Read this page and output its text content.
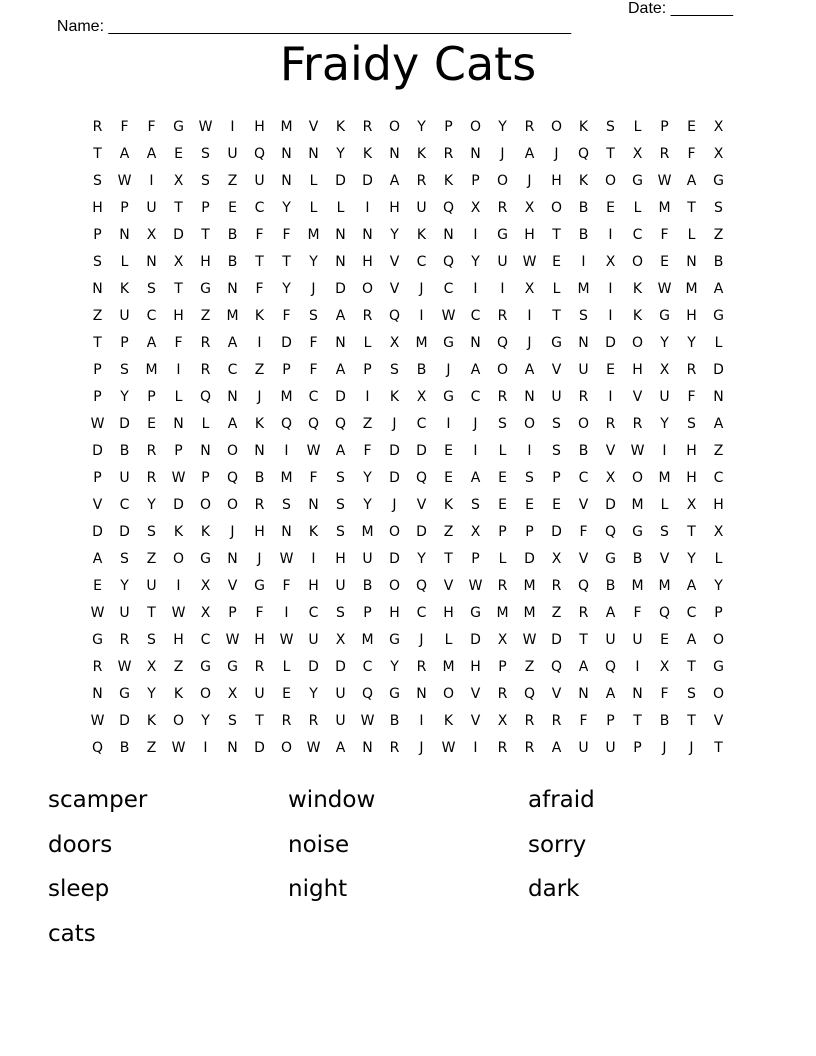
Name: ____________________________________________________

Date: _______

Fraidy Cats
R	F	F	G	W	I	H	M	V	K	R	O	Y	P	O	Y	R	O	K	S	L	P	E	X
T	A	A	E	S	U	Q	N	N	Y	K	N	K	R	N	J	A	J	Q	T	X	R	F	X
S	W	I	X	S	Z	U	N	L	D	D	A	R	K	P	O	J	H	K	O	G	W	A	G
H	P	U	T	P	E	C	Y	L	L	I	H	U	Q	X	R	X	O	B	E	L	M	T	S
P	N	X	D	T	B	F	F	M	N	N	Y	K	N	I	G	H	T	B	I	C	F	L	Z
S	L	N	X	H	B	T	T	Y	N	H	V	C	Q	Y	U	W	E	I	X	O	E	N	B
N	K	S	T	G	N	F	Y	J	D	O	V	J	C	I	I	X	L	M	I	K	W	M	A
Z	U	C	H	Z	M	K	F	S	A	R	Q	I	W	C	R	I	T	S	I	K	G	H	G
T	P	A	F	R	A	I	D	F	N	L	X	M	G	N	Q	J	G	N	D	O	Y	Y	L
P	S	M	I	R	C	Z	P	F	A	P	S	B	J	A	O	A	V	U	E	H	X	R	D
P	Y	P	L	Q	N	J	M	C	D	I	K	X	G	C	R	N	U	R	I	V	U	F	N
W	D	E	N	L	A	K	Q	Q	Q	Z	J	C	I	J	S	O	S	O	R	R	Y	S	A
D	B	R	P	N	O	N	I	W	A	F	D	D	E	I	L	I	S	B	V	W	I	H	Z
P	U	R	W	P	Q	B	M	F	S	Y	D	Q	E	A	E	S	P	C	X	O	M	H	C
V	C	Y	D	O	O	R	S	N	S	Y	J	V	K	S	E	E	E	V	D	M	L	X	H
D	D	S	K	K	J	H	N	K	S	M	O	D	Z	X	P	P	D	F	Q	G	S	T	X
A	S	Z	O	G	N	J	W	I	H	U	D	Y	T	P	L	D	X	V	G	B	V	Y	L
E	Y	U	I	X	V	G	F	H	U	B	O	Q	V	W	R	M	R	Q	B	M	M	A	Y
W	U	T	W	X	P	F	I	C	S	P	H	C	H	G	M	M	Z	R	A	F	Q	C	P
G	R	S	H	C	W	H	W	U	X	M	G	J	L	D	X	W	D	T	U	U	E	A	O
R	W	X	Z	G	G	R	L	D	D	C	Y	R	M	H	P	Z	Q	A	Q	I	X	T	G
N	G	Y	K	O	X	U	E	Y	U	Q	G	N	O	V	R	Q	V	N	A	N	F	S	O
W	D	K	O	Y	S	T	R	R	U	W	B	I	K	V	X	R	R	F	P	T	B	T	V
Q	B	Z	W	I	N	D	O	W	A	N	R	J	W	I	R	R	A	U	U	P	J	J	T
scamper	window	afraid
doors	noise	sorry
sleep	night	dark
cats
